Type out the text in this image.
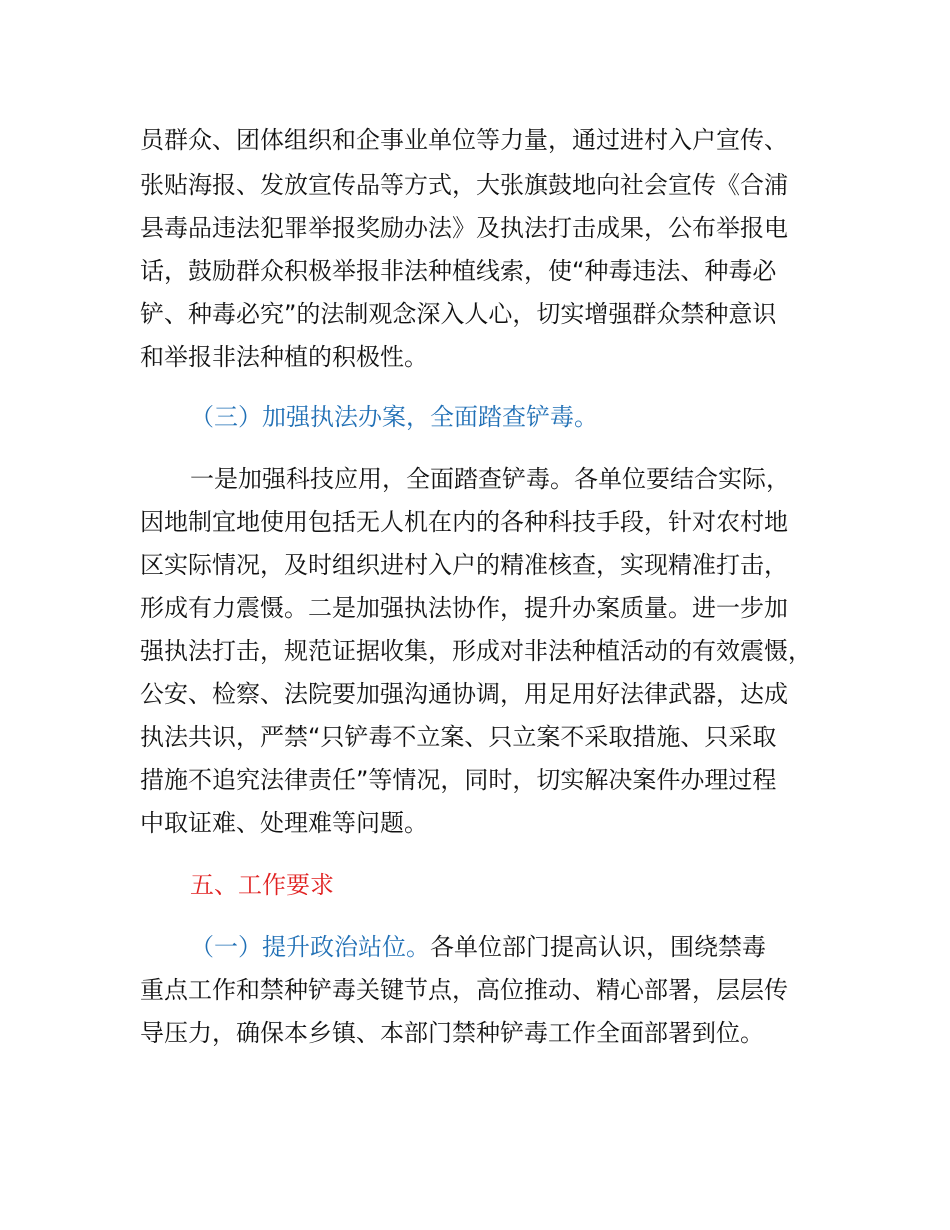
员群众、团体组织和企事业单位等力量，通过进村入户宣传、
张贴海报、发放宣传品等方式，大张旗鼓地向社会宣传《合浦
县毒品违法犯罪举报奖励办法》及执法打击成果，公布举报电
话，鼓励群众积极举报非法种植线索，使“种毒违法、种毒必
铲、种毒必究”的法制观念深入人心，切实增强群众禁种意识
和举报非法种植的积极性。
（三）加强执法办案，全面踏查铲毒。
一是加强科技应用，全面踏查铲毒。各单位要结合实际，
因地制宜地使用包括无人机在内的各种科技手段，针对农村地
区实际情况，及时组织进村入户的精准核查，实现精准打击，
形成有力震慑。二是加强执法协作，提升办案质量。进一步加
强执法打击，规范证据收集，形成对非法种植活动的有效震慑，
公安、检察、法院要加强沟通协调，用足用好法律武器，达成
执法共识，严禁“只铲毒不立案、只立案不采取措施、只采取
措施不追究法律责任”等情况，同时，切实解决案件办理过程
中取证难、处理难等问题。
五、工作要求
（一）提升政治站位。各单位部门提高认识，围绕禁毒
重点工作和禁种铲毒关键节点，高位推动、精心部署，层层传
导压力，确保本乡镇、本部门禁种铲毒工作全面部署到位。
